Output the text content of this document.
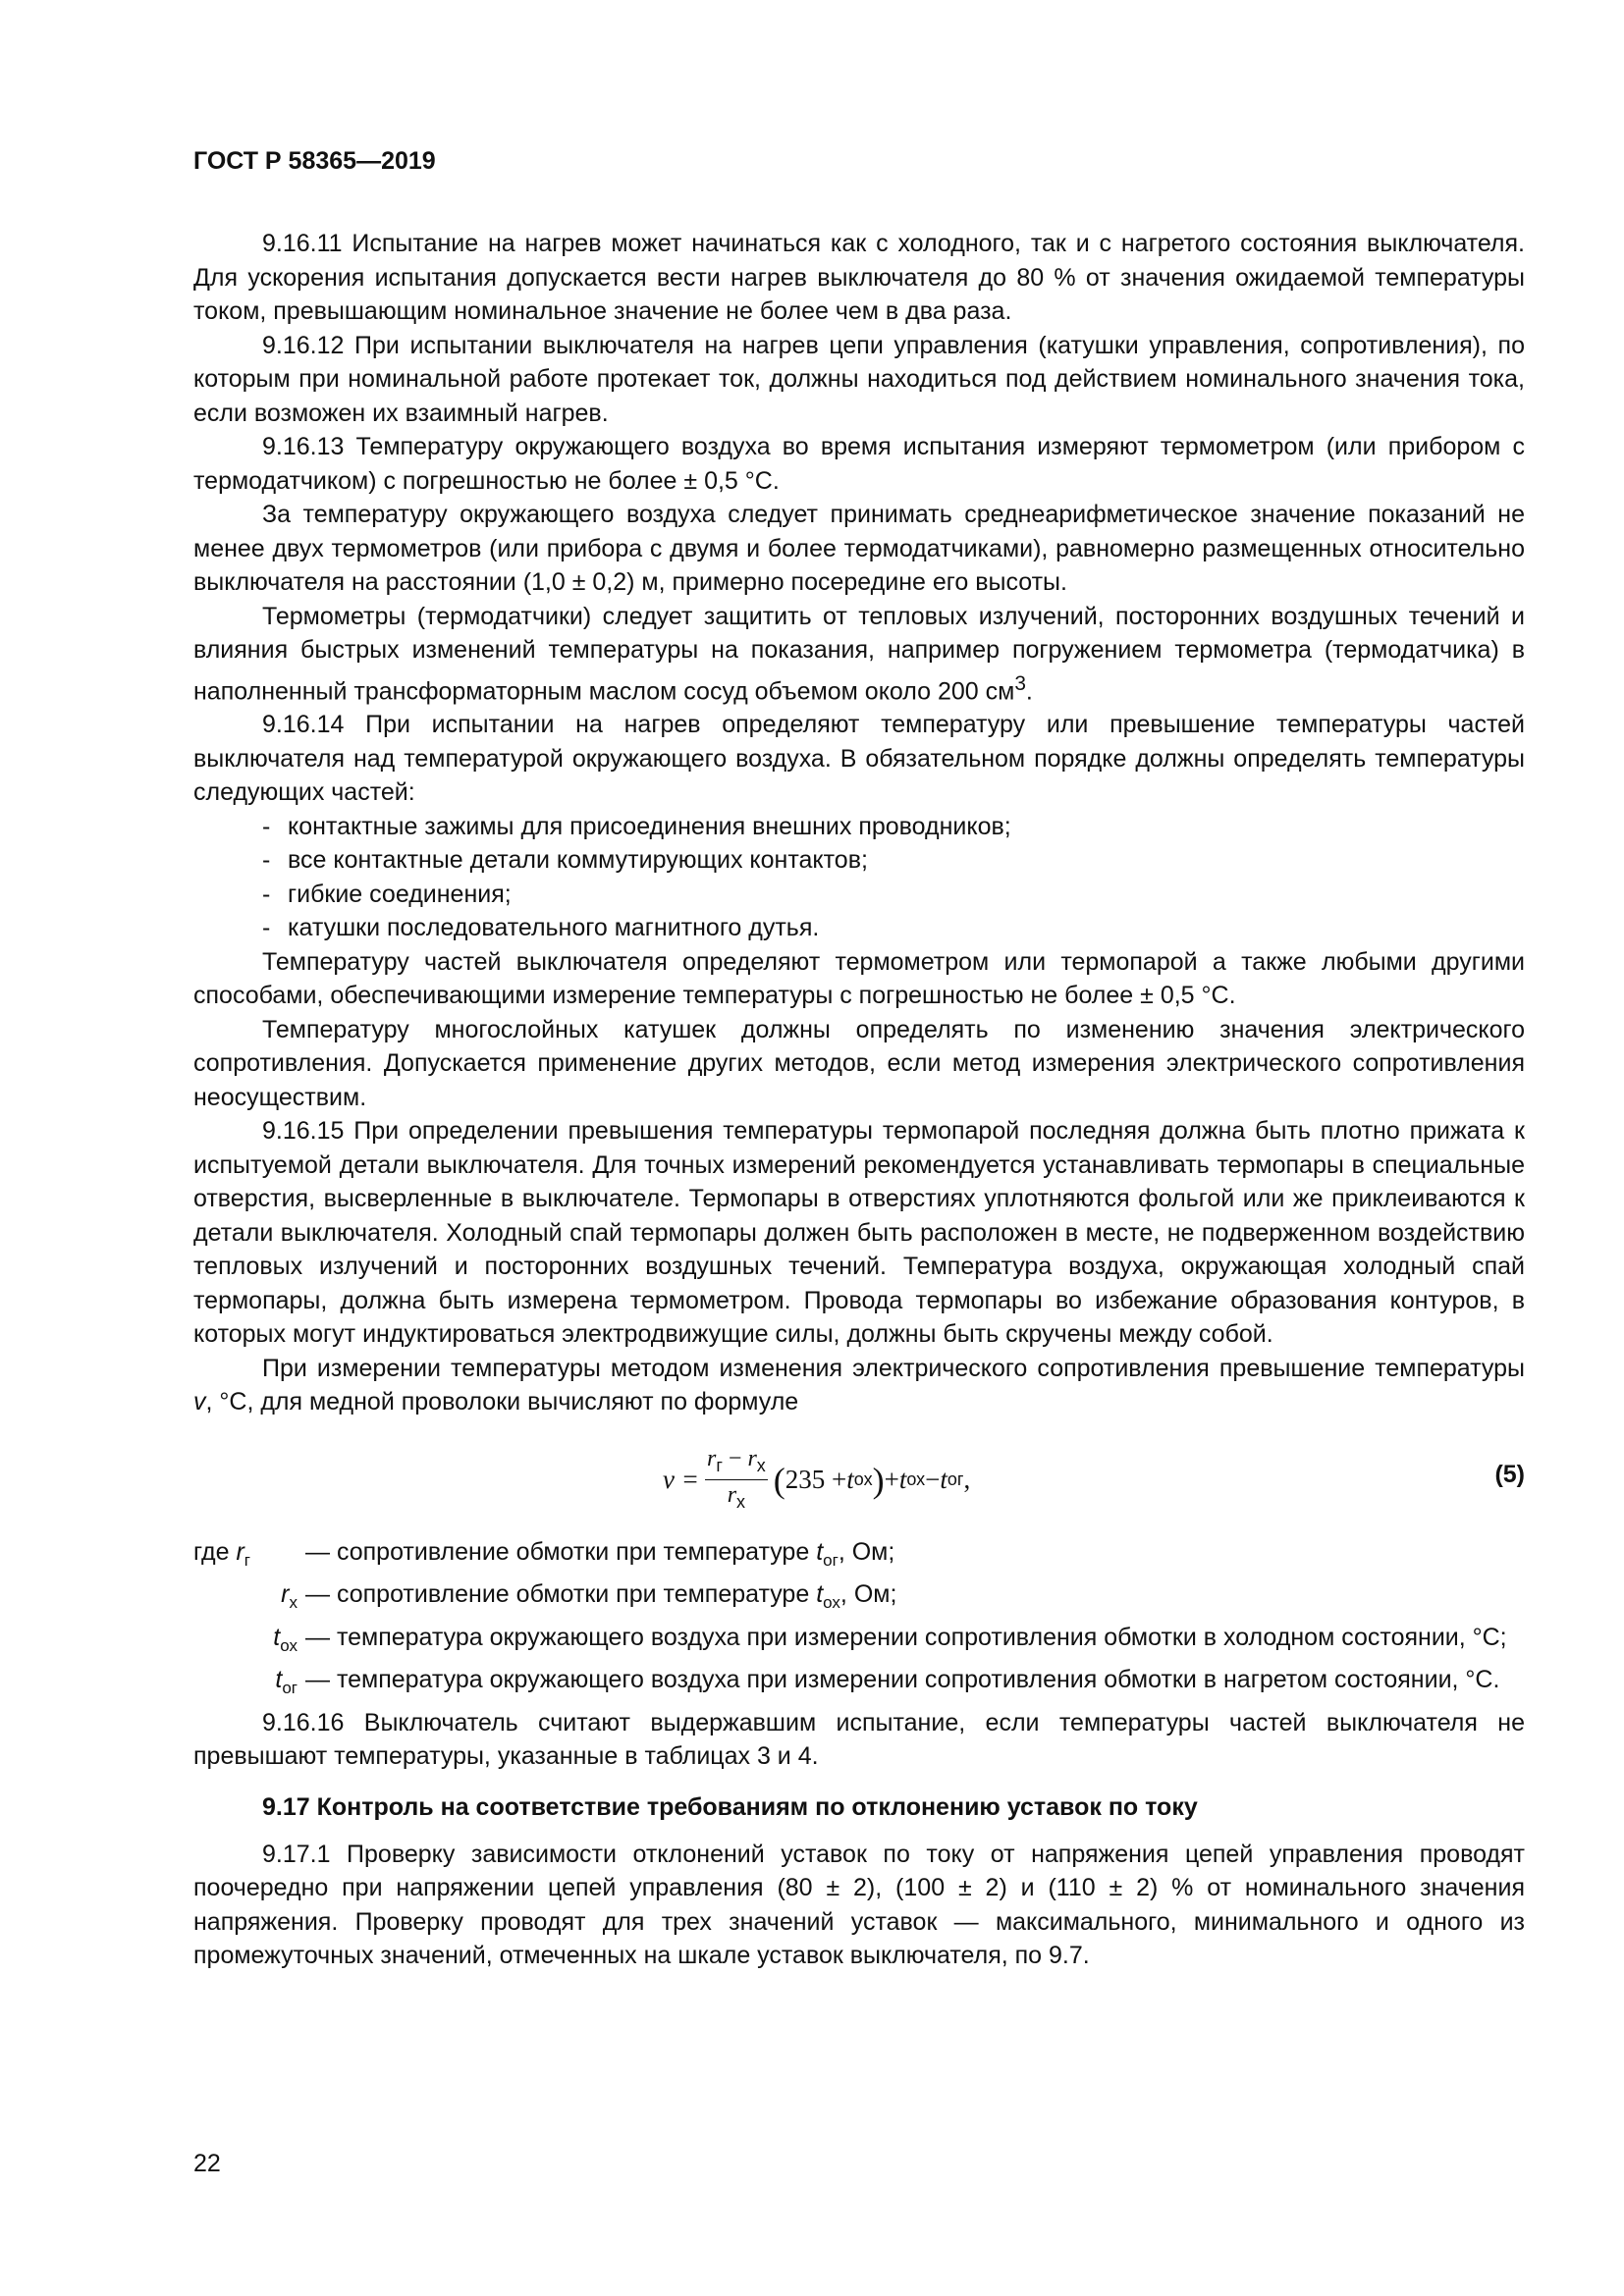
ГОСТ Р 58365—2019

9.16.11 Испытание на нагрев может начинаться как с холодного, так и с нагретого состояния выключателя. Для ускорения испытания допускается вести нагрев выключателя до 80 % от значения ожидаемой температуры током, превышающим номинальное значение не более чем в два раза.

9.16.12 При испытании выключателя на нагрев цепи управления (катушки управления, сопротивления), по которым при номинальной работе протекает ток, должны находиться под действием номинального значения тока, если возможен их взаимный нагрев.

9.16.13 Температуру окружающего воздуха во время испытания измеряют термометром (или прибором с термодатчиком) с погрешностью не более ± 0,5 °С.

За температуру окружающего воздуха следует принимать среднеарифметическое значение показаний не менее двух термометров (или прибора с двумя и более термодатчиками), равномерно размещенных относительно выключателя на расстоянии (1,0 ± 0,2) м, примерно посередине его высоты.

Термометры (термодатчики) следует защитить от тепловых излучений, посторонних воздушных течений и влияния быстрых изменений температуры на показания, например погружением термометра (термодатчика) в наполненный трансформаторным маслом сосуд объемом около 200 $см^3$.

9.16.14 При испытании на нагрев определяют температуру или превышение температуры частей выключателя над температурой окружающего воздуха. В обязательном порядке должны определять температуры следующих частей:

- контактные зажимы для присоединения внешних проводников;

- все контактные детали коммутирующих контактов;

- гибкие соединения;

- катушки последовательного магнитного дутья.

Температуру частей выключателя определяют термометром или термопарой а также любыми другими способами, обеспечивающими измерение температуры с погрешностью не более ± 0,5 °С.

Температуру многослойных катушек должны определять по изменению значения электрического сопротивления. Допускается применение других методов, если метод измерения электрического сопротивления неосуществим.

9.16.15 При определении превышения температуры термопарой последняя должна быть плотно прижата к испытуемой детали выключателя. Для точных измерений рекомендуется устанавливать термопары в специальные отверстия, высверленные в выключателе. Термопары в отверстиях уплотняются фольгой или же приклеиваются к детали выключателя. Холодный спай термопары должен быть расположен в месте, не подверженном воздействию тепловых излучений и посторонних воздушных течений. Температура воздуха, окружающая холодный спай термопары, должна быть измерена термометром. Провода термопары во избежание образования контуров, в которых могут индуктироваться электродвижущие силы, должны быть скручены между собой.

При измерении температуры методом изменения электрического сопротивления превышение температуры v, °С, для медной проволоки вычисляют по формуле

$v = \frac{r_г - r_х}{r_х}$ ( 235 + t ох ) + t ох − t ог ,	(5)
где $r_г$	— сопротивление обмотки при температуре $t_{ог}$, Ом;
$r_х$ — сопротивление обмотки при температуре $t_{ох}$, Ом;
$t_{ох}$ — температура окружающего воздуха при измерении сопротивления обмотки в холодном состоянии, °С;
$t_{ог}$ — температура окружающего воздуха при измерении сопротивления обмотки в нагретом состоянии, °С.

9.16.16 Выключатель считают выдержавшим испытание, если температуры частей выключателя не превышают температуры, указанные в таблицах 3 и 4.

9.17 Контроль на соответствие требованиям по отклонению уставок по току

9.17.1 Проверку зависимости отклонений уставок по току от напряжения цепей управления проводят поочередно при напряжении цепей управления (80 ± 2), (100 ± 2) и (110 ± 2) % от номинального значения напряжения. Проверку проводят для трех значений уставок — максимального, минимального и одного из промежуточных значений, отмеченных на шкале уставок выключателя, по 9.7.

22
